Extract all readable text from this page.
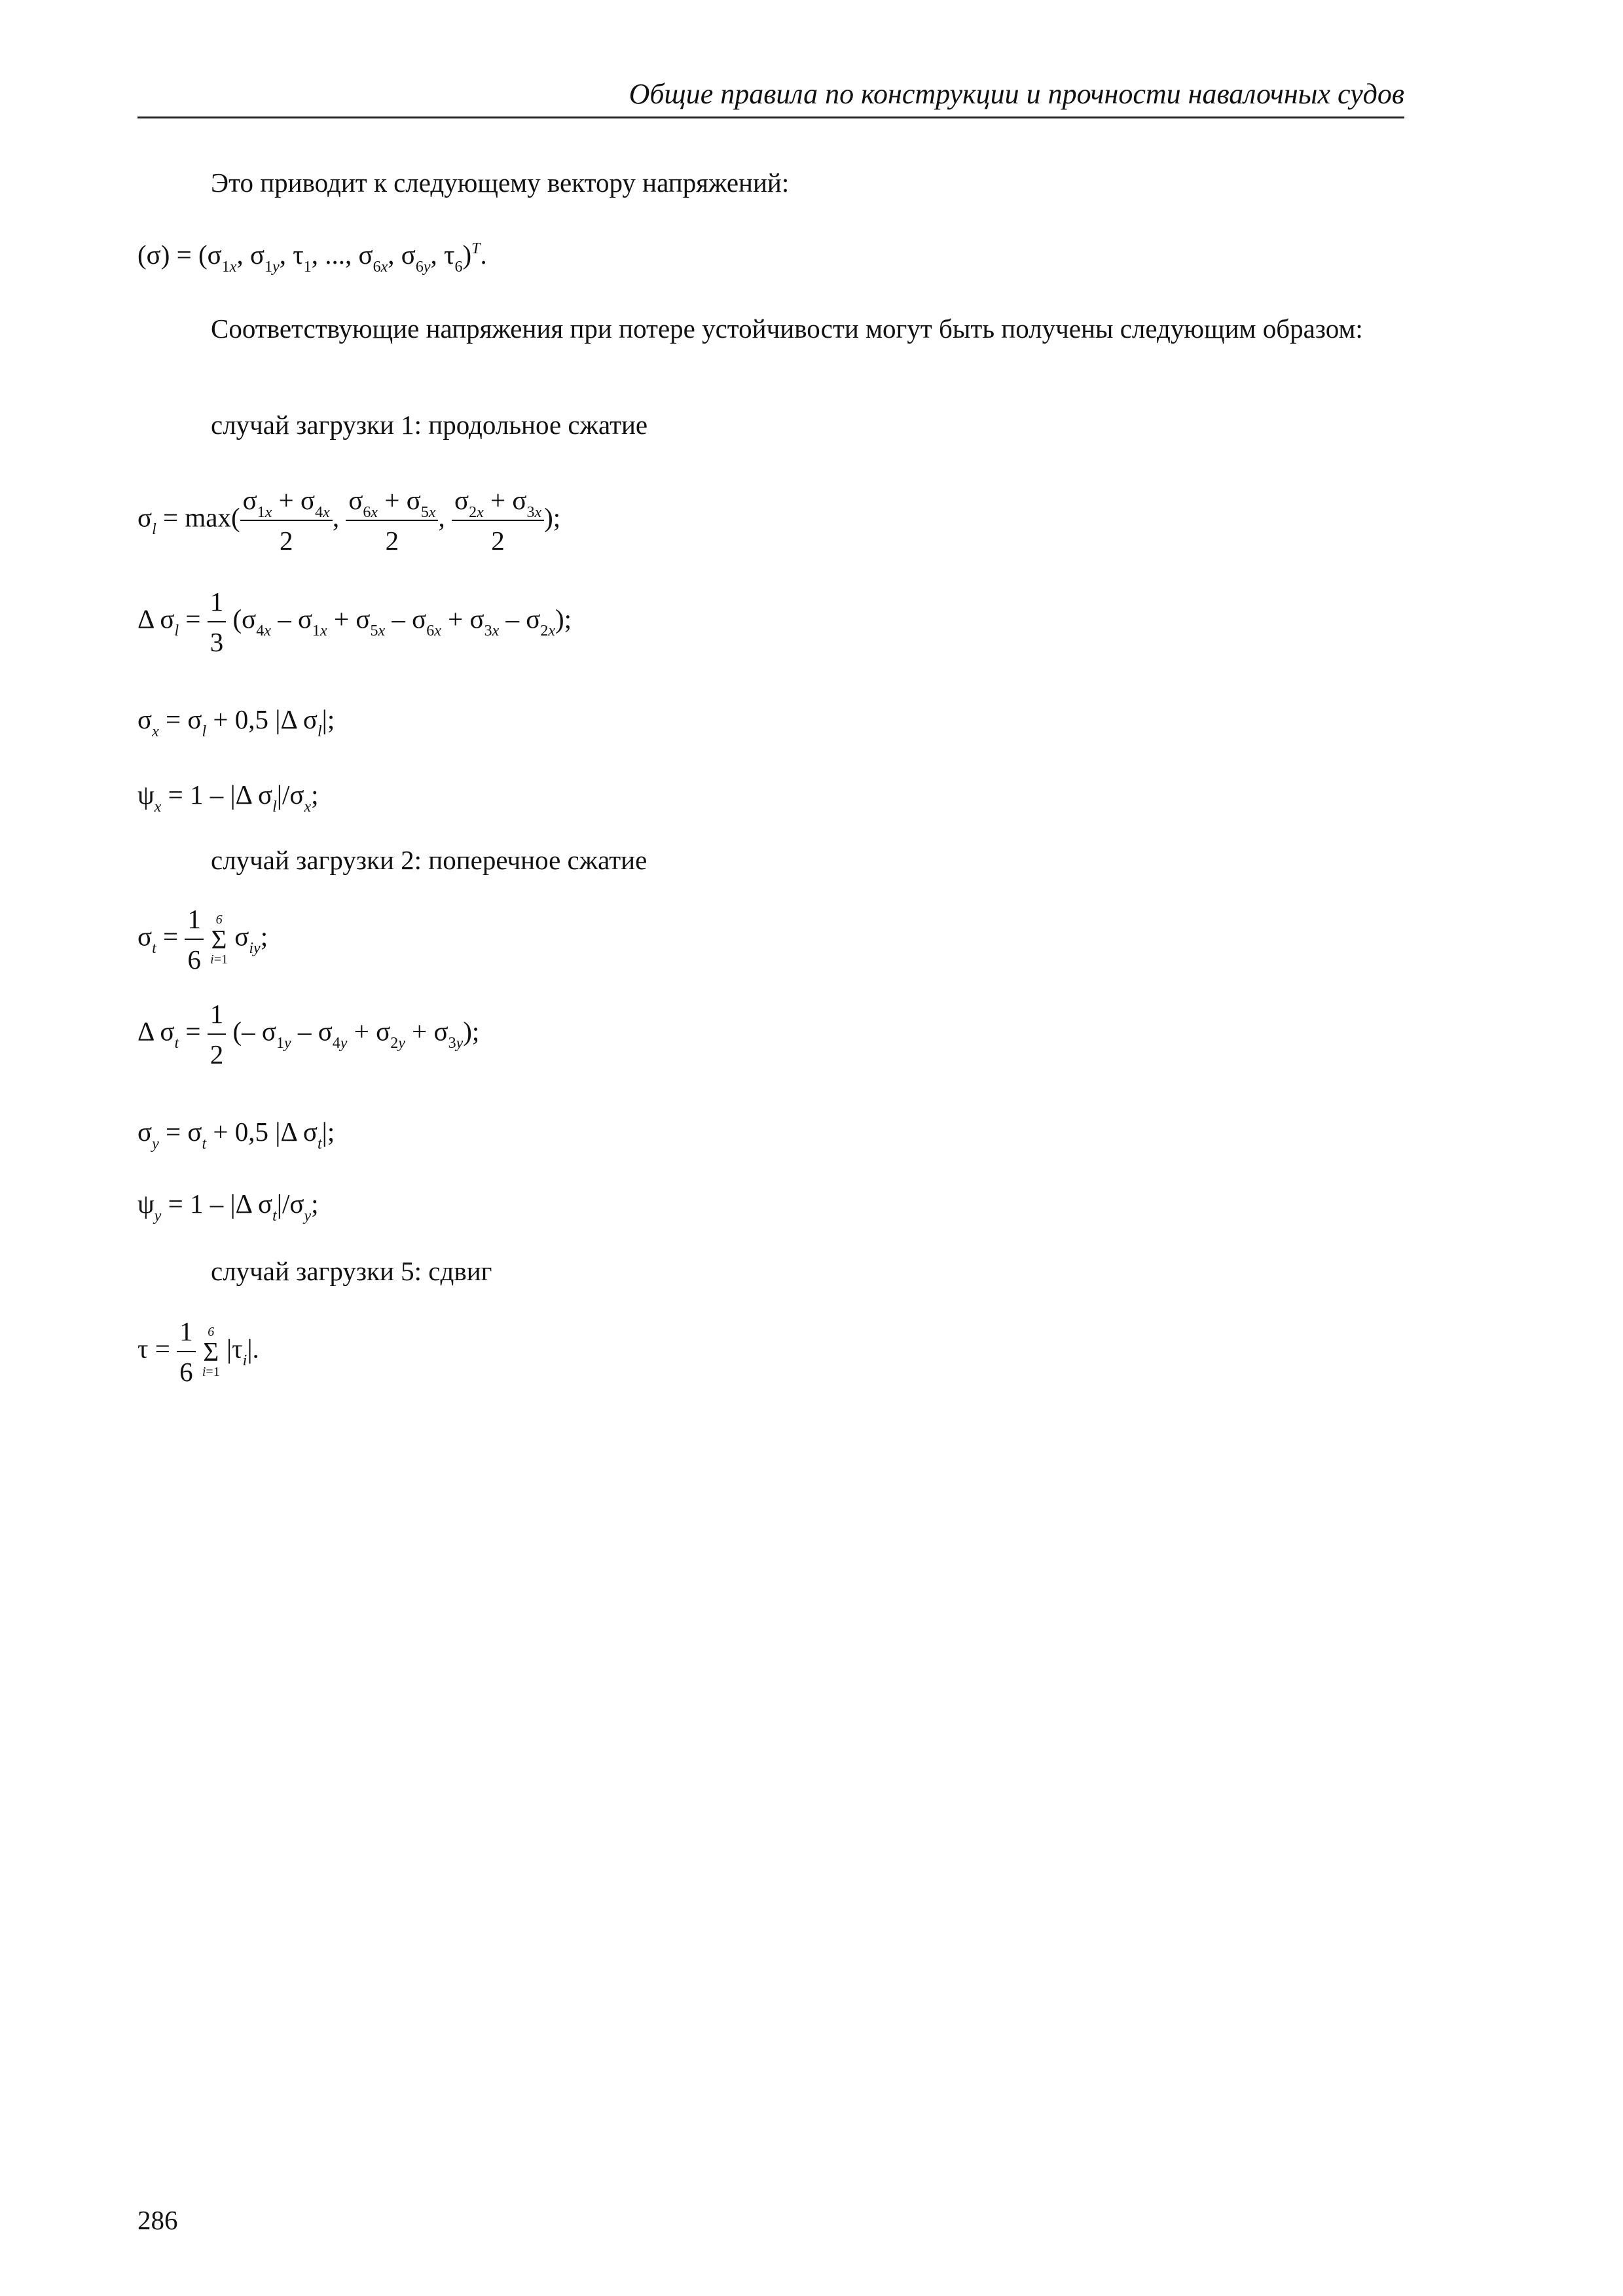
Общие правила по конструкции и прочности навалочных судов
Это приводит к следующему вектору напряжений:
$(\sigma) = (\sigma_{1x}$, $\sigma_{1y}$, $\tau_1$, ..., $\sigma_{6x}$, $\sigma_{6y}$, $\tau_6)^T$.
Соответствующие напряжения при потере устойчивости могут быть получены следующим образом:
случай загрузки 1: продольное сжатие
$\sigma_l = \max( \frac{\sigma_{1x} + \sigma_{4x}}{2}$ , $\frac{\sigma_{6x} + \sigma_{5x}}{2}$ , $\frac{\sigma_{2x} + \sigma_{3x}}{2}$ );
Δ $\sigma_l = \frac{1}{3} (\sigma_{4x} - \sigma_{1x} + \sigma_{5x} - \sigma_{6x} + \sigma_{3x} - \sigma_{2x})$;
$\sigma_x = \sigma_l + 0,5$ |Δ $\sigma_l|$;
$\psi_x = 1 - |\Delta$ $\sigma_l|/\sigma_x$;
случай загрузки 2: поперечное сжатие
$\sigma_t = \frac{1}{6}$
6
Σ
i=1
$\sigma_{iy}$;
Δ $\sigma_t = \frac{1}{2}$ (– $\sigma_{1y} - \sigma_{4y} + \sigma_{2y} + \sigma_{3y}$);
$\sigma_y = \sigma_t + 0,5$ |Δ $\sigma_t|$;
$\psi_y = 1 - |\Delta$ $\sigma_t|/\sigma_y$;
случай загрузки 5: сдвиг
$\tau = \frac{1}{6}$
6
Σ
i=1
$|\tau_i|$.
286
